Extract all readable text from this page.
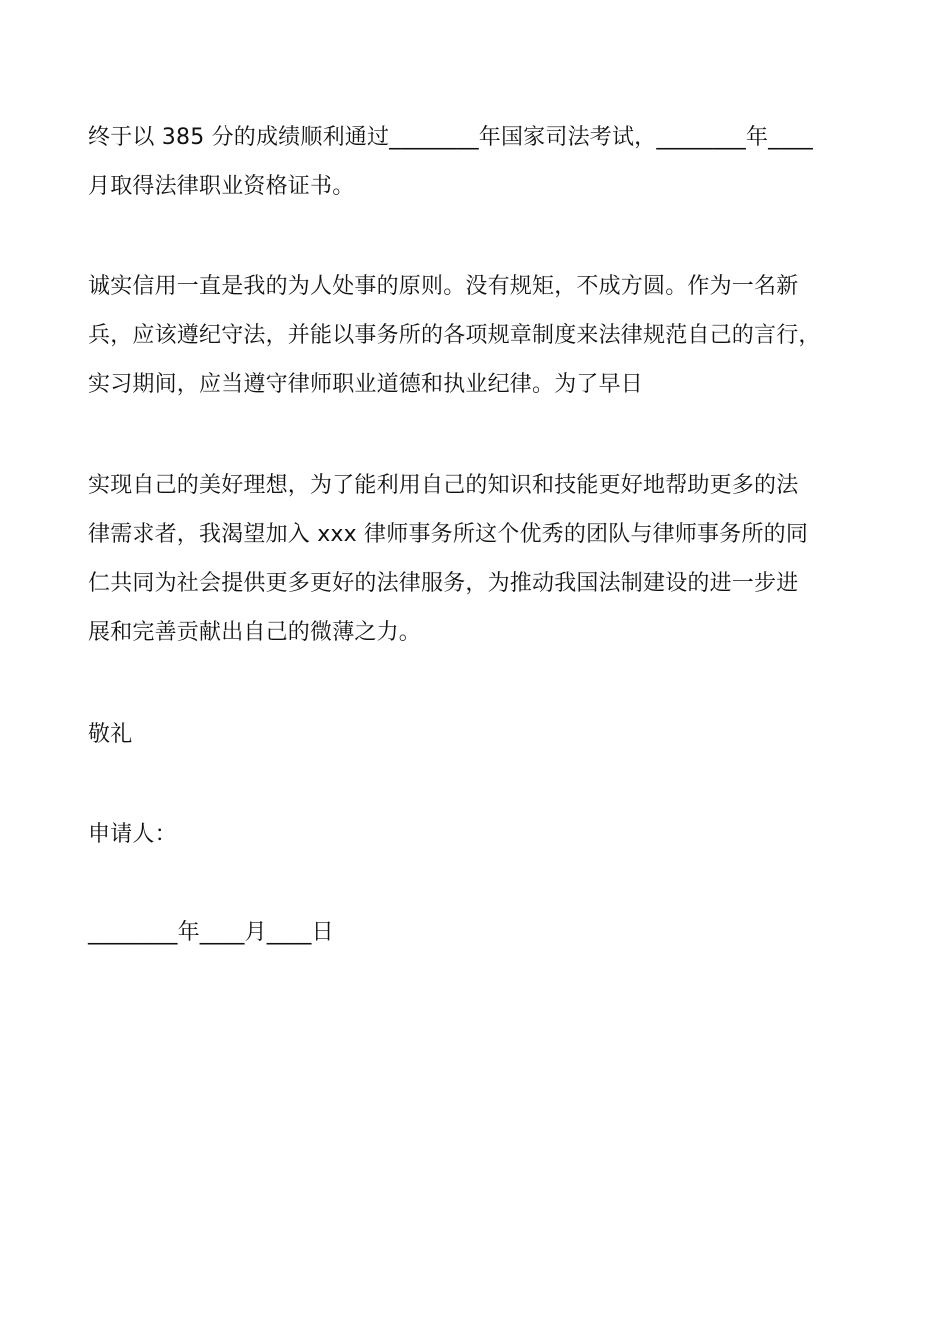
终于以 385 分的成绩顺利通过________年国家司法考试，________年____
月取得法律职业资格证书。
诚实信用一直是我的为人处事的原则。没有规矩，不成方圆。作为一名新
兵，应该遵纪守法，并能以事务所的各项规章制度来法律规范自己的言行，
实习期间，应当遵守律师职业道德和执业纪律。为了早日
实现自己的美好理想，为了能利用自己的知识和技能更好地帮助更多的法
律需求者，我渴望加入 xxx 律师事务所这个优秀的团队与律师事务所的同
仁共同为社会提供更多更好的法律服务，为推动我国法制建设的进一步进
展和完善贡献出自己的微薄之力。
敬礼
申请人：
________年____月____日
